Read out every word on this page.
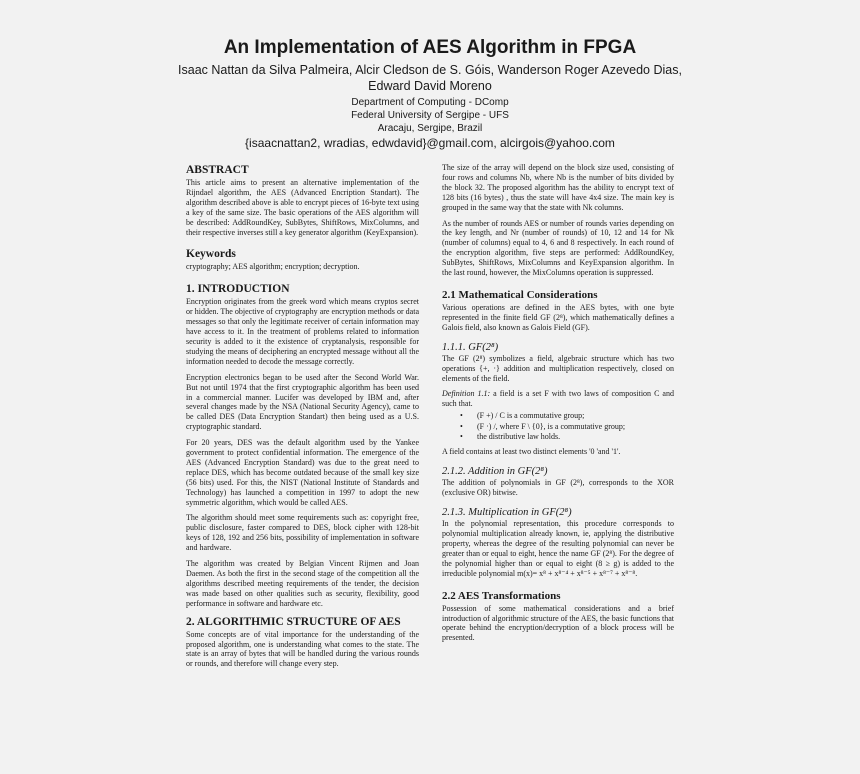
An Implementation of AES Algorithm in FPGA
Isaac Nattan da Silva Palmeira, Alcir Cledson de S. Góis, Wanderson Roger Azevedo Dias,
Edward David Moreno
Department of Computing - DComp
Federal University of Sergipe - UFS
Aracaju, Sergipe, Brazil
{isaacnattan2, wradias, edwdavid}@gmail.com, alcirgois@yahoo.com
ABSTRACT

This article aims to present an alternative implementation of the Rijndael algorithm, the AES (Advanced Encription Standart). The algorithm described above is able to encrypt pieces of 16-byte text using a key of the same size. The basic operations of the AES algorithm will be described: AddRoundKey, SubBytes, ShiftRows, MixColumns, and their respective inverses still a key generator algorithm (KeyExpansion).

Keywords

cryptography; AES algorithm; encryption; decryption.

1. INTRODUCTION

Encryption originates from the greek word which means cryptos secret or hidden. The objective of cryptography are encryption methods or data messages so that only the legitimate receiver of certain information may have access to it. In the treatment of problems related to information security is added to it the existence of cryptanalysis, responsible for studying the means of deciphering an encrypted message without all the information needed to decode the message correctly.

Encryption electronics began to be used after the Second World War. But not until 1974 that the first cryptographic algorithm has been used in a commercial manner. Lucifer was developed by IBM and, after several changes made by the NSA (National Security Agency), came to be called DES (Data Encryption Standart) then being used as a U.S. cryptographic standard.

For 20 years, DES was the default algorithm used by the Yankee government to protect confidential information. The emergence of the AES (Advanced Encryption Standard) was due to the great need to replace DES, which has become outdated because of the small key size (56 bits) used. For this, the NIST (National Institute of Standards and Technology) has launched a competition in 1997 to adopt the new symmetric algorithm, which would be called AES.

The algorithm should meet some requirements such as: copyright free, public disclosure, faster compared to DES, block cipher with 128-bit keys of 128, 192 and 256 bits, possibility of implementation in software and hardware.

The algorithm was created by Belgian Vincent Rijmen and Joan Daemen. As both the first in the second stage of the competition all the algorithms described meeting requirements of the tender, the decision was made based on other qualities such as security, flexibility, good performance in software and hardware etc.

2. ALGORITHMIC STRUCTURE OF AES

Some concepts are of vital importance for the understanding of the proposed algorithm, one is understanding what comes to the state. The state is an array of bytes that will be handled during the various rounds or rounds, and therefore will change every step.

The size of the array will depend on the block size used, consisting of four rows and columns Nb, where Nb is the number of bits divided by the block 32. The proposed algorithm has the ability to encrypt text of 128 bits (16 bytes) , thus the state will have 4x4 size. The main key is grouped in the same way that the state with Nk columns.

As the number of rounds AES or number of rounds varies depending on the key length, and Nr (number of rounds) of 10, 12 and 14 for Nk (number of columns) equal to 4, 6 and 8 respectively. In each round of the encryption algorithm, five steps are performed: AddRoundKey, SubBytes, ShiftRows, MixColumns and KeyExpansion algorithm. In the last round, however, the MixColumns operation is suppressed.

2.1 Mathematical Considerations

Various operations are defined in the AES bytes, with one byte represented in the finite field GF (2⁸), which mathematically defines a Galois field, also known as Galois Field (GF).

1.1.1. GF(2⁸)

The GF (2⁸) symbolizes a field, algebraic structure which has two operations {+, ·} addition and multiplication respectively, closed on elements of the field.

Definition 1.1: a field is a set F with two laws of composition C and such that.

• (F +) / C is a commutative group;
• (F ·) /, where F \ {0}, is a commutative group;
• the distributive law holds.

A field contains at least two distinct elements '0 'and '1'.

2.1.2. Addition in GF(2⁸)

The addition of polynomials in GF (2⁸), corresponds to the XOR (exclusive OR) bitwise.

2.1.3. Multiplication in GF(2⁸)

In the polynomial representation, this procedure corresponds to polynomial multiplication already known, ie, applying the distributive property, whereas the degree of the resulting polynomial can never be greater than or equal to eight, hence the name GF (2⁸). For the degree of the polynomial higher than or equal to eight (8 ≥ g) is added to the irreducible polynomial m(x)= x⁸ + x⁸⁻⁴ + x⁸⁻⁵ + x⁸⁻⁷ + x⁸⁻⁸.

2.2 AES Transformations

Possession of some mathematical considerations and a brief introduction of algorithmic structure of the AES, the basic functions that operate behind the encryption/decryption of a block process will be presented.
